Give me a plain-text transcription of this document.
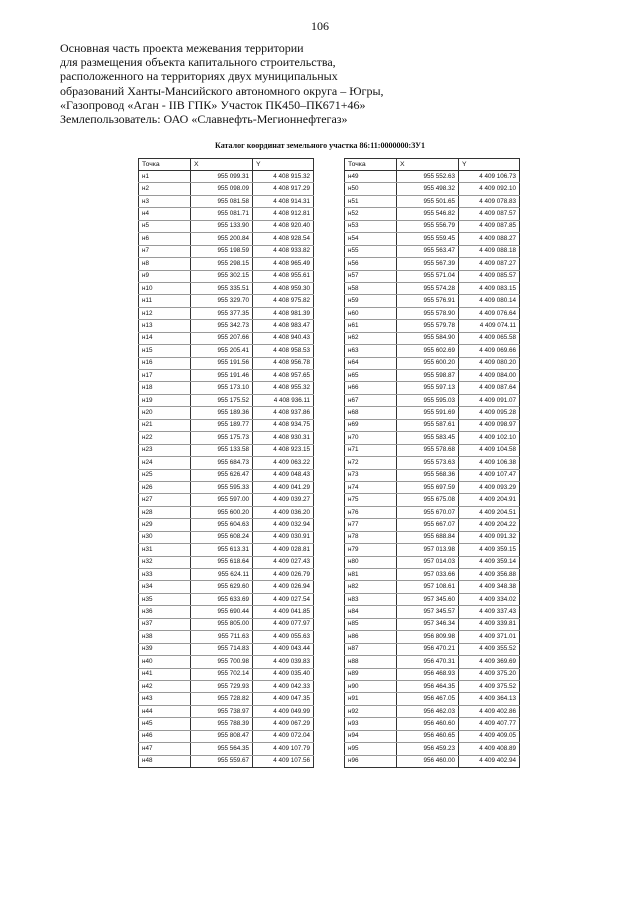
106
Основная часть проекта межевания территории
для размещения объекта капитального строительства,
расположенного на территориях двух муниципальных
образований Ханты-Мансийского автономного округа – Югры,
«Газопровод «Аган - IIВ ГПК» Участок ПК450–ПК671+46»
Землепользователь: ОАО «Славнефть-Мегионнефтегаз»
Каталог координат земельного участка 86:11:0000000:ЗУ1
Точка	X	Y
н1	955 099.31	4 408 915.32
н2	955 098.09	4 408 917.29
н3	955 081.58	4 408 914.31
н4	955 081.71	4 408 912.81
н5	955 133.90	4 408 920.40
н6	955 200.84	4 408 928.54
н7	955 198.59	4 408 933.82
н8	955 298.15	4 408 965.49
н9	955 302.15	4 408 955.61
н10	955 335.51	4 408 959.30
н11	955 329.70	4 408 975.82
н12	955 377.35	4 408 981.39
н13	955 342.73	4 408 983.47
н14	955 207.66	4 408 940.43
н15	955 205.41	4 408 958.53
н16	955 191.56	4 408 956.78
н17	955 191.46	4 408 957.65
н18	955 173.10	4 408 955.32
н19	955 175.52	4 408 936.11
н20	955 189.36	4 408 937.86
н21	955 189.77	4 408 934.75
н22	955 175.73	4 408 930.31
н23	955 133.58	4 408 923.15
н24	955 684.73	4 409 063.22
н25	955 626.47	4 409 048.43
н26	955 595.33	4 409 041.29
н27	955 597.00	4 409 039.27
н28	955 600.20	4 409 036.20
н29	955 604.63	4 409 032.94
н30	955 608.24	4 409 030.91
н31	955 613.31	4 409 028.81
н32	955 618.64	4 409 027.43
н33	955 624.11	4 409 026.79
н34	955 629.60	4 409 026.94
н35	955 633.69	4 409 027.54
н36	955 690.44	4 409 041.85
н37	955 805.00	4 409 077.97
н38	955 711.63	4 409 055.63
н39	955 714.83	4 409 043.44
н40	955 700.98	4 409 039.83
н41	955 702.14	4 409 035.40
н42	955 729.93	4 409 042.33
н43	955 728.82	4 409 047.35
н44	955 738.97	4 409 049.99
н45	955 788.39	4 409 067.29
н46	955 808.47	4 409 072.04
н47	955 564.35	4 409 107.79
н48	955 559.67	4 409 107.56
Точка	X	Y
н49	955 552.63	4 409 106.73
н50	955 498.32	4 409 092.10
н51	955 501.65	4 409 078.83
н52	955 546.82	4 409 087.57
н53	955 556.79	4 409 087.85
н54	955 559.45	4 409 088.27
н55	955 563.47	4 409 088.18
н56	955 567.39	4 409 087.27
н57	955 571.04	4 409 085.57
н58	955 574.28	4 409 083.15
н59	955 576.91	4 409 080.14
н60	955 578.90	4 409 076.64
н61	955 579.78	4 409 074.11
н62	955 584.90	4 409 065.58
н63	955 602.69	4 409 069.66
н64	955 600.20	4 409 080.20
н65	955 598.87	4 409 084.00
н66	955 597.13	4 409 087.64
н67	955 595.03	4 409 091.07
н68	955 591.69	4 409 095.28
н69	955 587.61	4 409 098.97
н70	955 583.45	4 409 102.10
н71	955 578.68	4 409 104.58
н72	955 573.63	4 409 106.38
н73	955 568.36	4 409 107.47
н74	955 697.59	4 409 093.29
н75	955 675.08	4 409 204.91
н76	955 670.07	4 409 204.51
н77	955 667.07	4 409 204.22
н78	955 688.84	4 409 091.32
н79	957 013.98	4 409 359.15
н80	957 014.03	4 409 359.14
н81	957 033.66	4 409 356.88
н82	957 108.61	4 409 348.38
н83	957 345.60	4 409 334.02
н84	957 345.57	4 409 337.43
н85	957 346.34	4 409 339.81
н86	956 809.98	4 409 371.01
н87	956 470.21	4 409 355.52
н88	956 470.31	4 409 369.69
н89	956 468.93	4 409 375.20
н90	956 464.35	4 409 375.52
н91	956 467.05	4 409 364.13
н92	956 462.03	4 409 402.86
н93	956 460.60	4 409 407.77
н94	956 460.65	4 409 409.05
н95	956 459.23	4 409 408.89
н96	956 460.00	4 409 402.94
